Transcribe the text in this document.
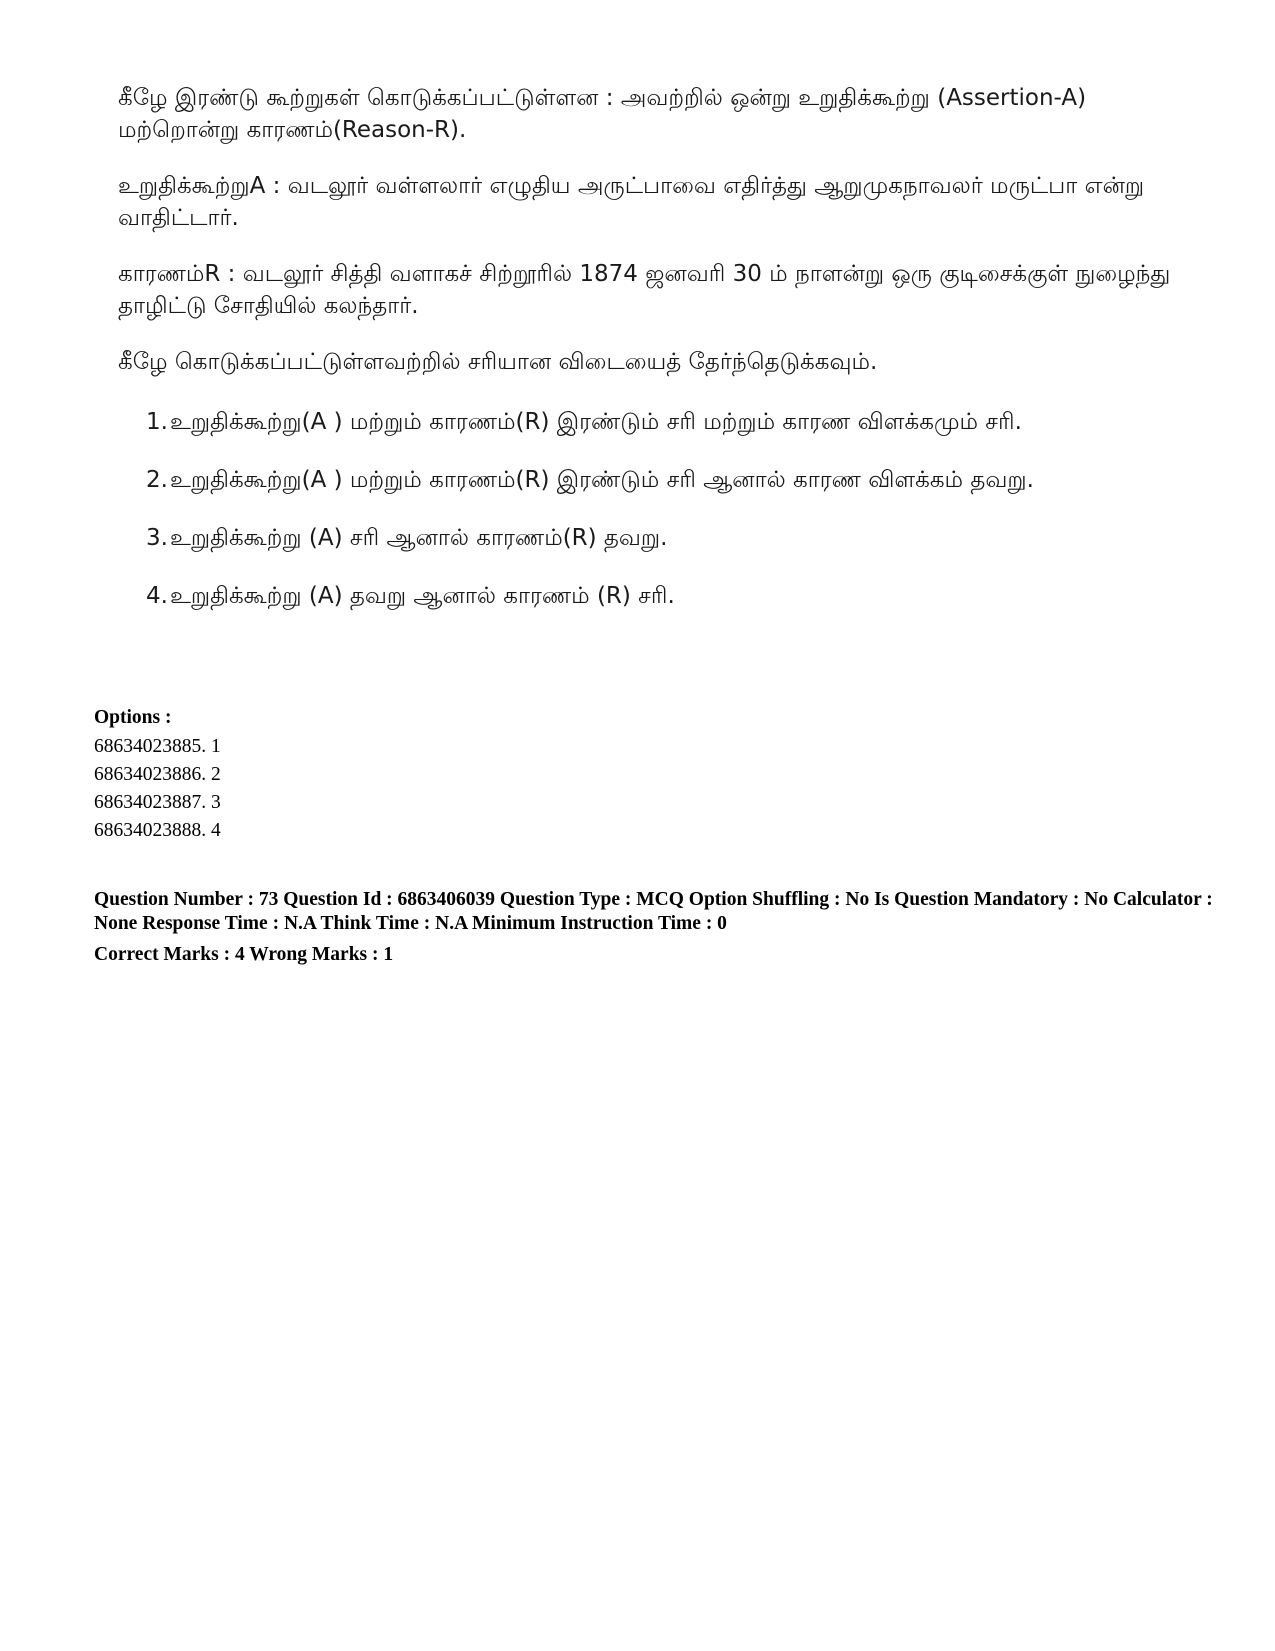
கீழே இரண்டு கூற்றுகள் கொடுக்கப்பட்டுள்ளன : அவற்றில் ஒன்று உறுதிக்கூற்று (Assertion-A) மற்றொன்று காரணம்(Reason-R).

உறுதிக்கூற்றுA : வடலூர் வள்ளலார் எழுதிய அருட்பாவை எதிர்த்து ஆறுமுகநாவலர் மருட்பா என்று வாதிட்டார்.

காரணம்R : வடலூர் சித்தி வளாகச் சிற்றூரில் 1874 ஜனவரி 30 ம் நாளன்று ஒரு குடிசைக்குள் நுழைந்து தாழிட்டு சோதியில் கலந்தார்.

கீழே கொடுக்கப்பட்டுள்ளவற்றில் சரியான விடையைத் தேர்ந்தெடுக்கவும்.

1. உறுதிக்கூற்று(A ) மற்றும் காரணம்(R) இரண்டும் சரி மற்றும் காரண விளக்கமும் சரி.
2. உறுதிக்கூற்று(A ) மற்றும் காரணம்(R) இரண்டும் சரி ஆனால் காரண விளக்கம் தவறு.
3. உறுதிக்கூற்று (A) சரி ஆனால் காரணம்(R) தவறு.
4. உறுதிக்கூற்று (A) தவறு ஆனால் காரணம் (R) சரி.
Options :
68634023885. 1
68634023886. 2
68634023887. 3
68634023888. 4
Question Number : 73 Question Id : 6863406039 Question Type : MCQ Option Shuffling : No Is Question Mandatory : No Calculator : None Response Time : N.A Think Time : N.A Minimum Instruction Time : 0
Correct Marks : 4 Wrong Marks : 1
